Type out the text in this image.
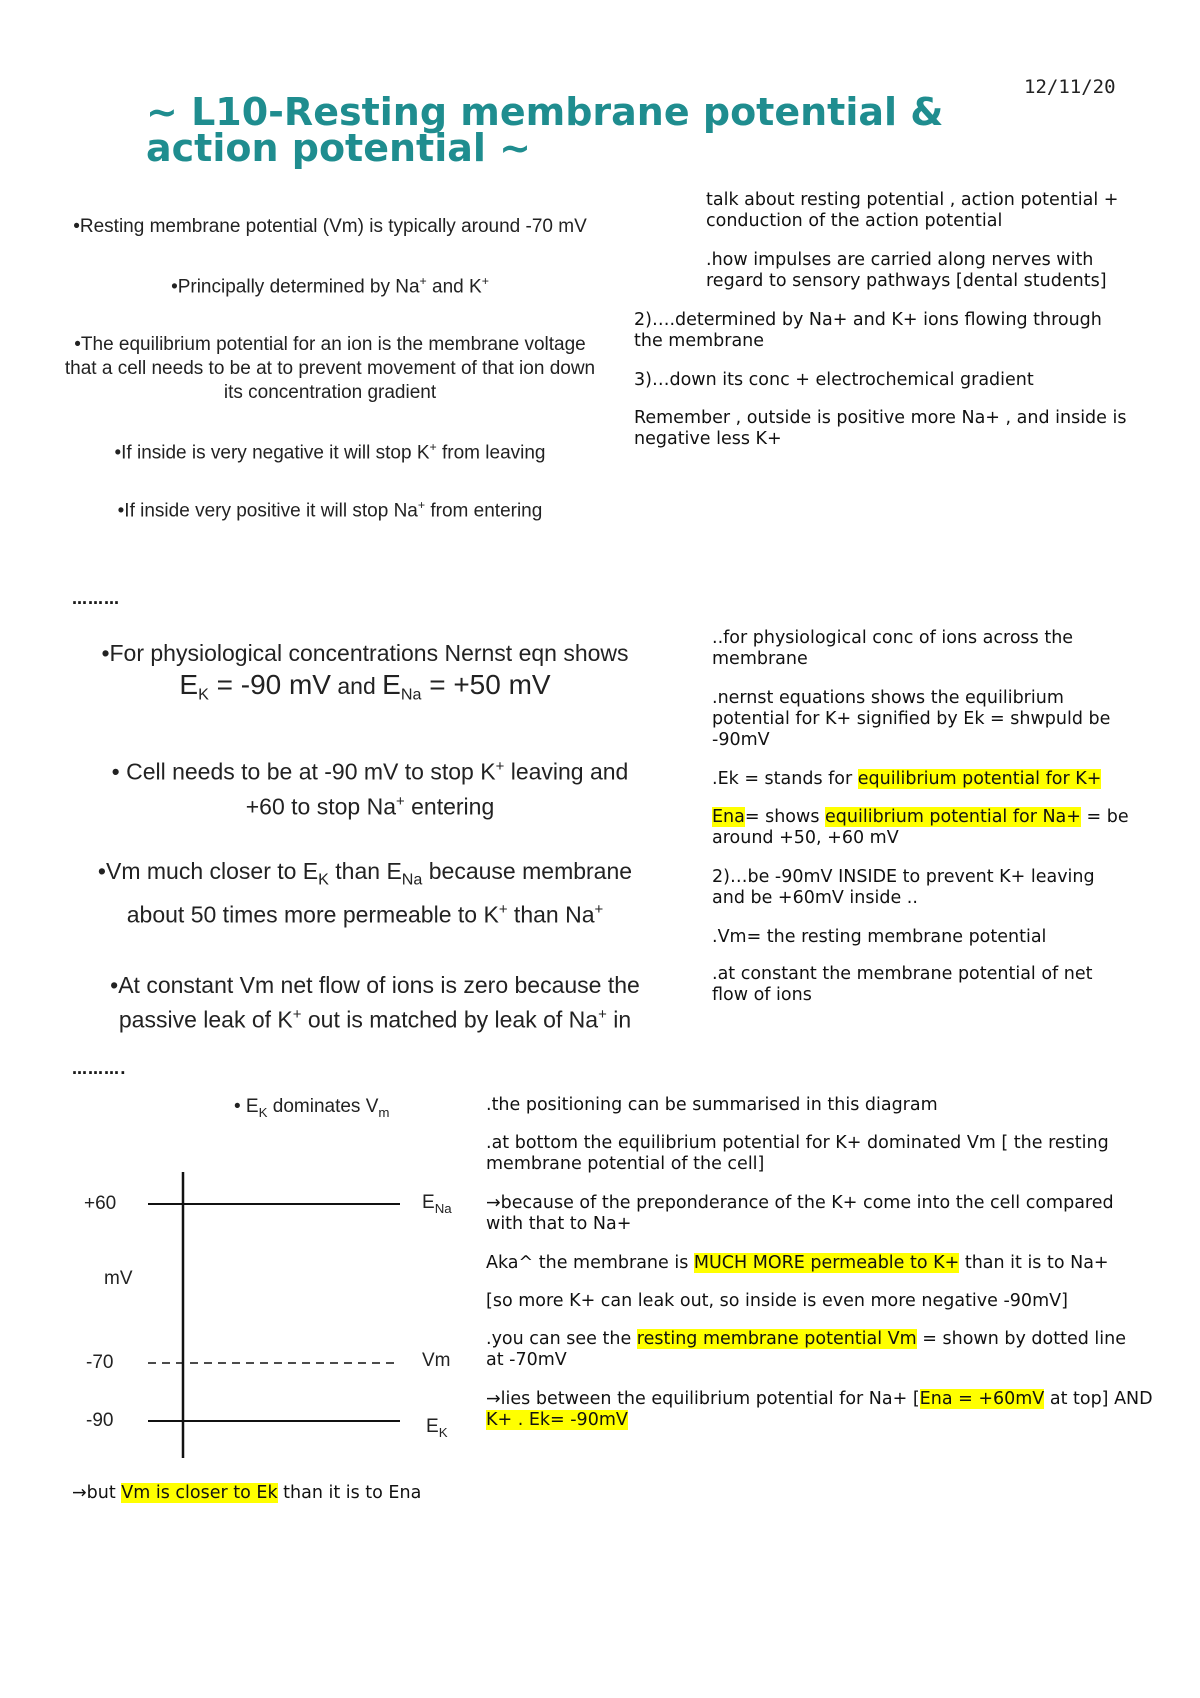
12/11/20
~ L10-Resting membrane potential & action potential ~
•Resting membrane potential (Vm) is typically around -70 mV
•Principally determined by Na+ and K+
•The equilibrium potential for an ion is the membrane voltage that a cell needs to be at to prevent movement of that ion down its concentration gradient
•If inside is very negative it will stop K+ from leaving
•If inside very positive it will stop Na+ from entering

talk about resting potential , action potential + conduction of the action potential

.how impulses are carried along nerves with regard to sensory pathways [dental students]

2)….determined by Na+ and K+ ions flowing through the membrane

3)…down its conc + electrochemical gradient

Remember , outside is positive more Na+ , and inside is negative less K+

………
•For physiological concentrations Nernst eqn shows
$E_K = -90$ mV and $E_{Na} = +50$ mV
• Cell needs to be at -90 mV to stop K+ leaving and +60 to stop Na+ entering
•Vm much closer to $E_K$ than $E_{Na}$ because membrane about 50 times more permeable to K+ than Na+
•At constant Vm net flow of ions is zero because the passive leak of K+ out is matched by leak of Na+ in

..for physiological conc of ions across the membrane

.nernst equations shows the equilibrium potential for K+ signified by Ek = shwpuld be -90mV

.Ek = stands for equilibrium potential for K+

Ena= shows equilibrium potential for Na+ = be around +50, +60 mV

2)…be -90mV INSIDE to prevent K+ leaving and be +60mV inside ..

.Vm= the resting membrane potential

.at constant the membrane potential of net flow of ions

……….
• $E_K$ dominates $V_m$
+60
mV
-70
-90
$E_{Na}$
Vm
$E_K$

.the positioning can be summarised in this diagram

.at bottom the equilibrium potential for K+ dominated Vm [ the resting membrane potential of the cell]

→because of the preponderance of the K+ come into the cell compared with that to Na+

Aka^ the membrane is MUCH MORE permeable to K+ than it is to Na+

[so more K+ can leak out, so inside is even more negative -90mV]

.you can see the resting membrane potential Vm = shown by dotted line at -70mV

→lies between the equilibrium potential for Na+ [Ena = +60mV at top] AND K+ . Ek= -90mV

→but Vm is closer to Ek than it is to Ena
